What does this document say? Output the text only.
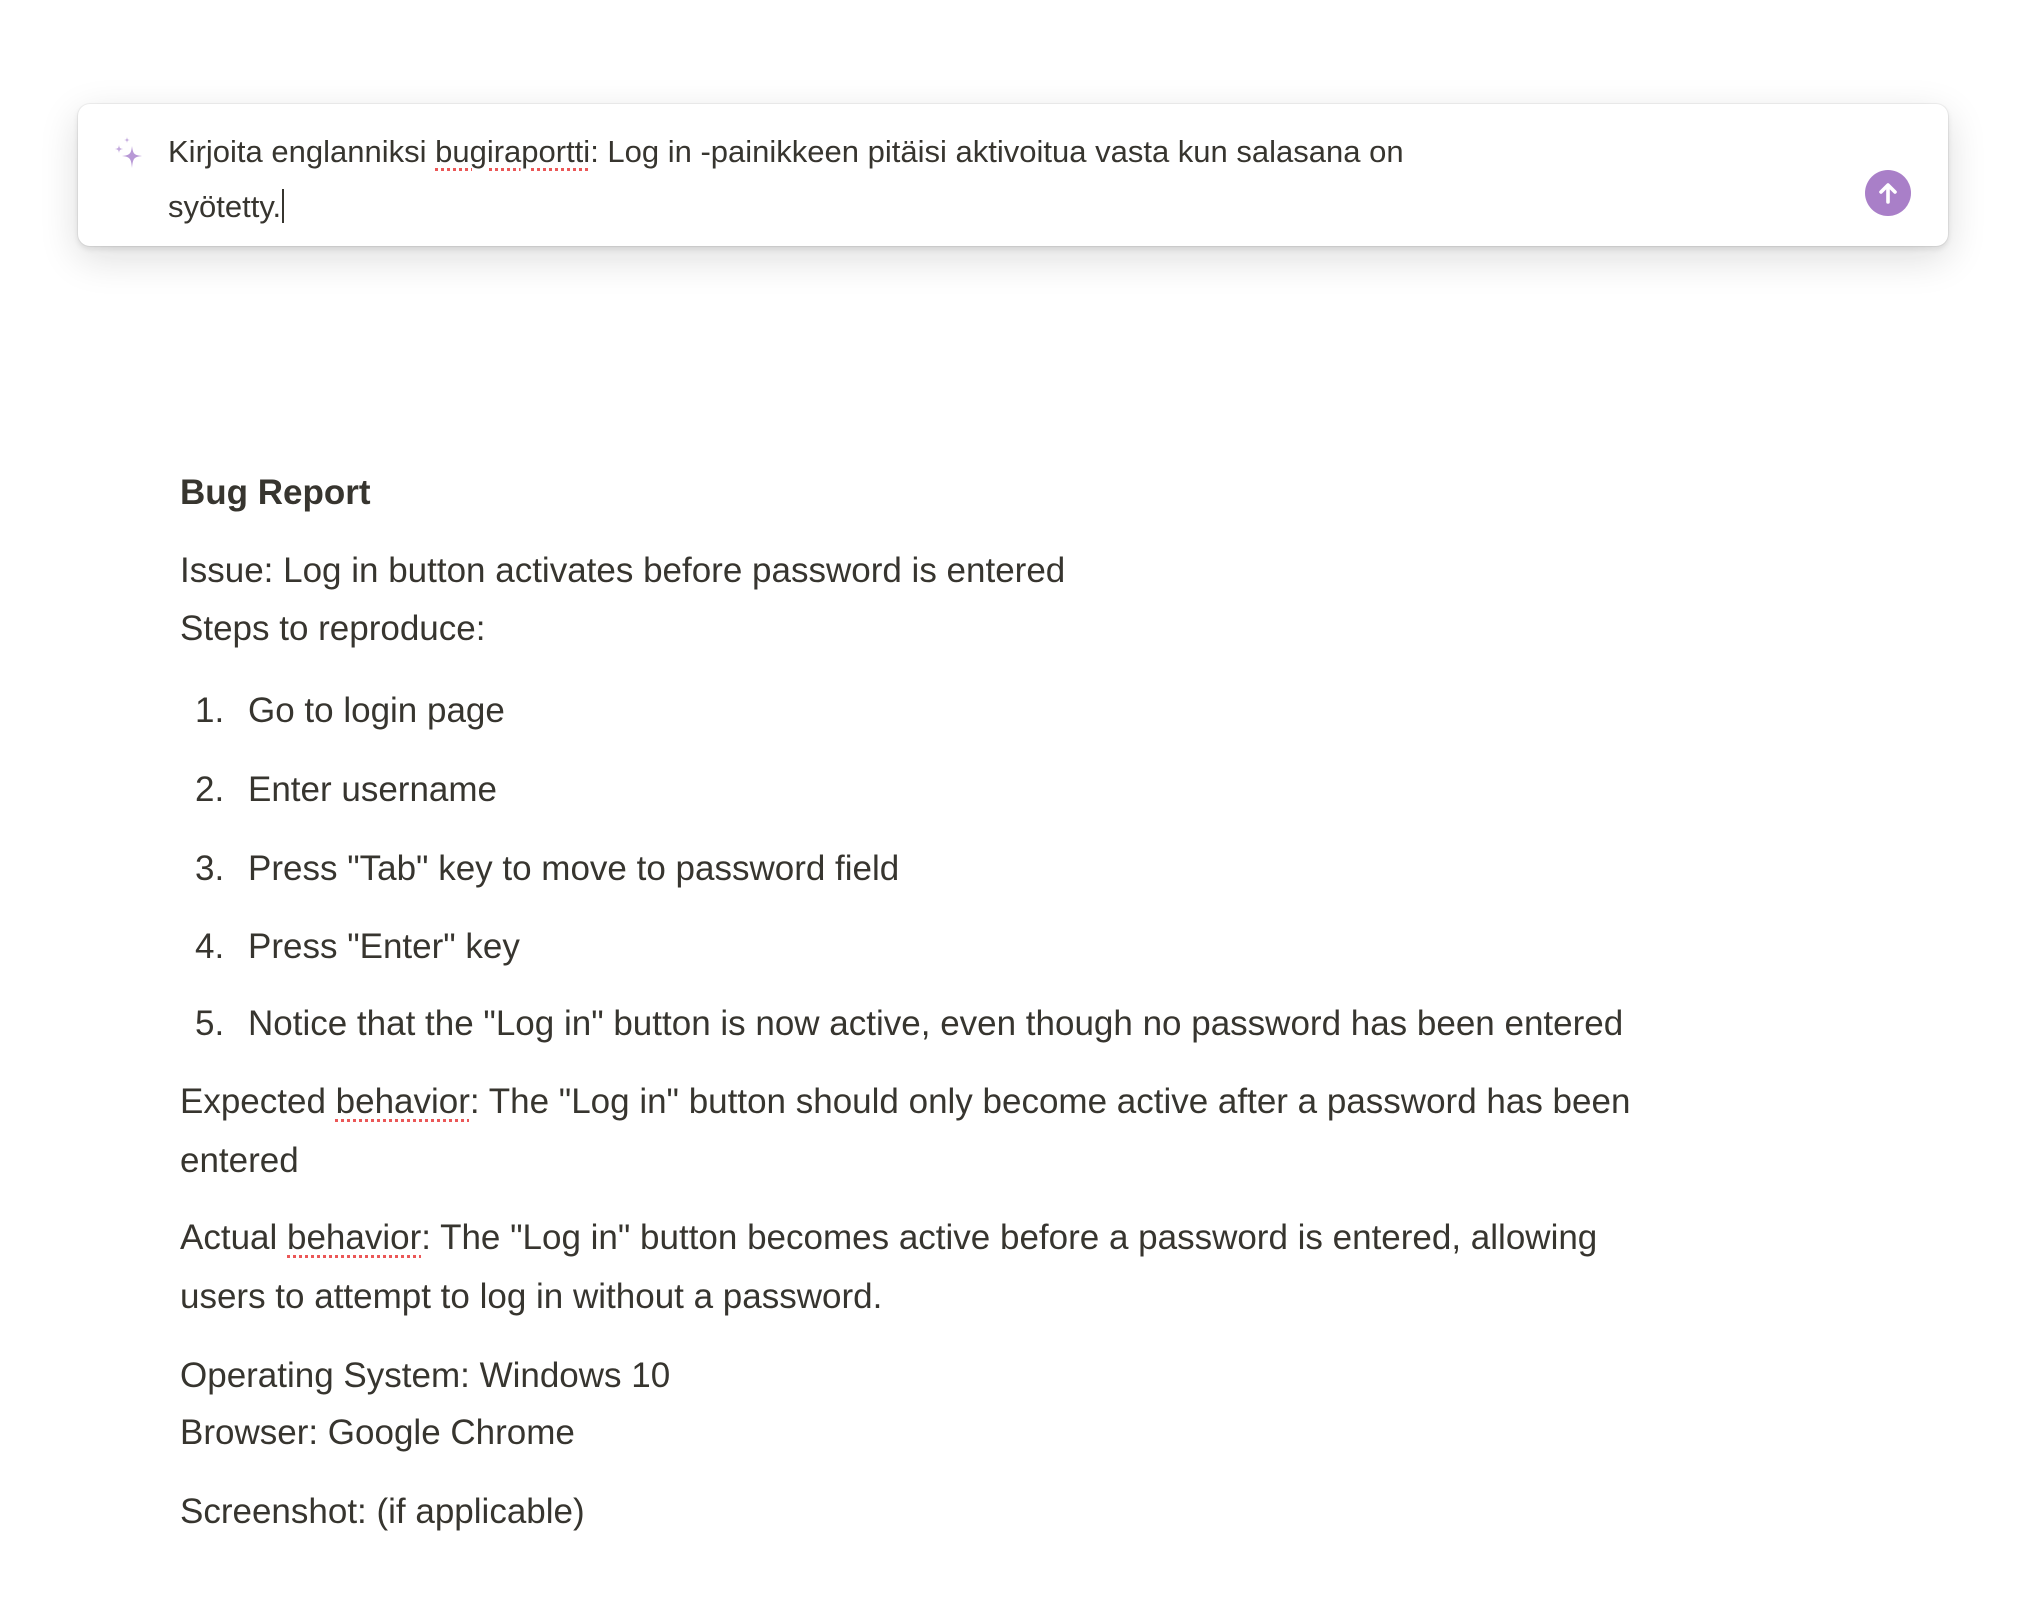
Kirjoita englanniksi bugiraportti: Log in -painikkeen pitäisi aktivoitua vasta kun salasana on
syötetty.
Bug Report
Issue: Log in button activates before password is entered
Steps to reproduce:
1. Go to login page
2. Enter username
3. Press "Tab" key to move to password field
4. Press "Enter" key
5. Notice that the "Log in" button is now active, even though no password has been entered
Expected behavior: The "Log in" button should only become active after a password has been
entered
Actual behavior: The "Log in" button becomes active before a password is entered, allowing
users to attempt to log in without a password.
Operating System: Windows 10
Browser: Google Chrome
Screenshot: (if applicable)
